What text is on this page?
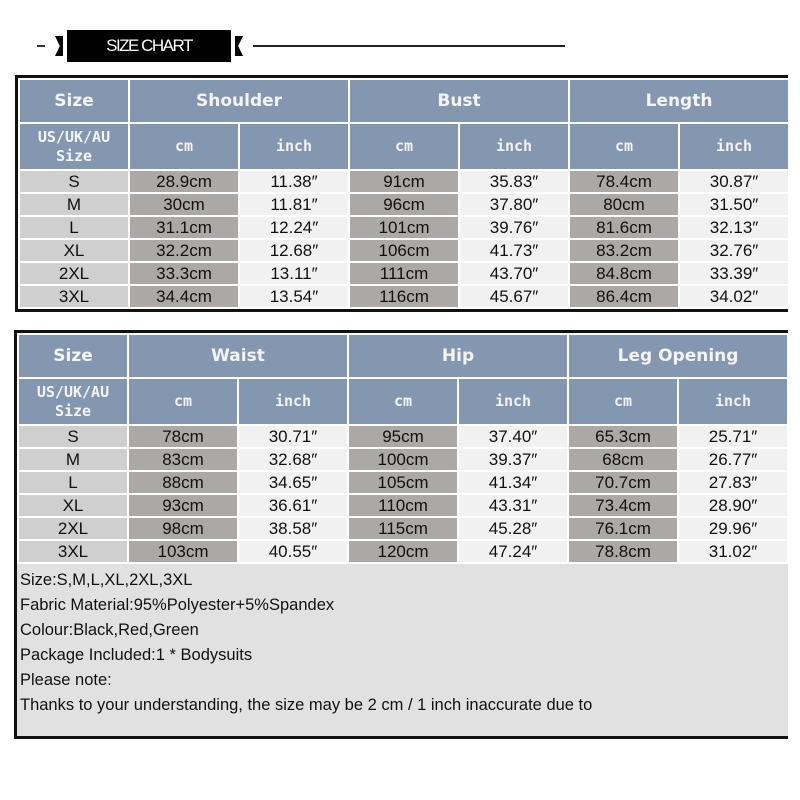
SIZE CHART
Size	Shoulder		Bust		Length	
US/UK/AU
Size	cm	inch	cm	inch	cm	inch
S	28.9cm	11.38″	91cm	35.83″	78.4cm	30.87″
M	30cm	11.81″	96cm	37.80″	80cm	31.50″
L	31.1cm	12.24″	101cm	39.76″	81.6cm	32.13″
XL	32.2cm	12.68″	106cm	41.73″	83.2cm	32.76″
2XL	33.3cm	13.11″	111cm	43.70″	84.8cm	33.39″
3XL	34.4cm	13.54″	116cm	45.67″	86.4cm	34.02″
Size	Waist		Hip		Leg Opening	
US/UK/AU
Size	cm	inch	cm	inch	cm	inch
S	78cm	30.71″	95cm	37.40″	65.3cm	25.71″
M	83cm	32.68″	100cm	39.37″	68cm	26.77″
L	88cm	34.65″	105cm	41.34″	70.7cm	27.83″
XL	93cm	36.61″	110cm	43.31″	73.4cm	28.90″
2XL	98cm	38.58″	115cm	45.28″	76.1cm	29.96″
3XL	103cm	40.55″	120cm	47.24″	78.8cm	31.02″
Size:S,M,L,XL,2XL,3XL
Fabric Material:95%Polyester+5%Spandex
Colour:Black,Red,Green
Package Included:1 * Bodysuits
Please note:
Thanks to your understanding, the size may be 2 cm / 1 inch inaccurate due to
